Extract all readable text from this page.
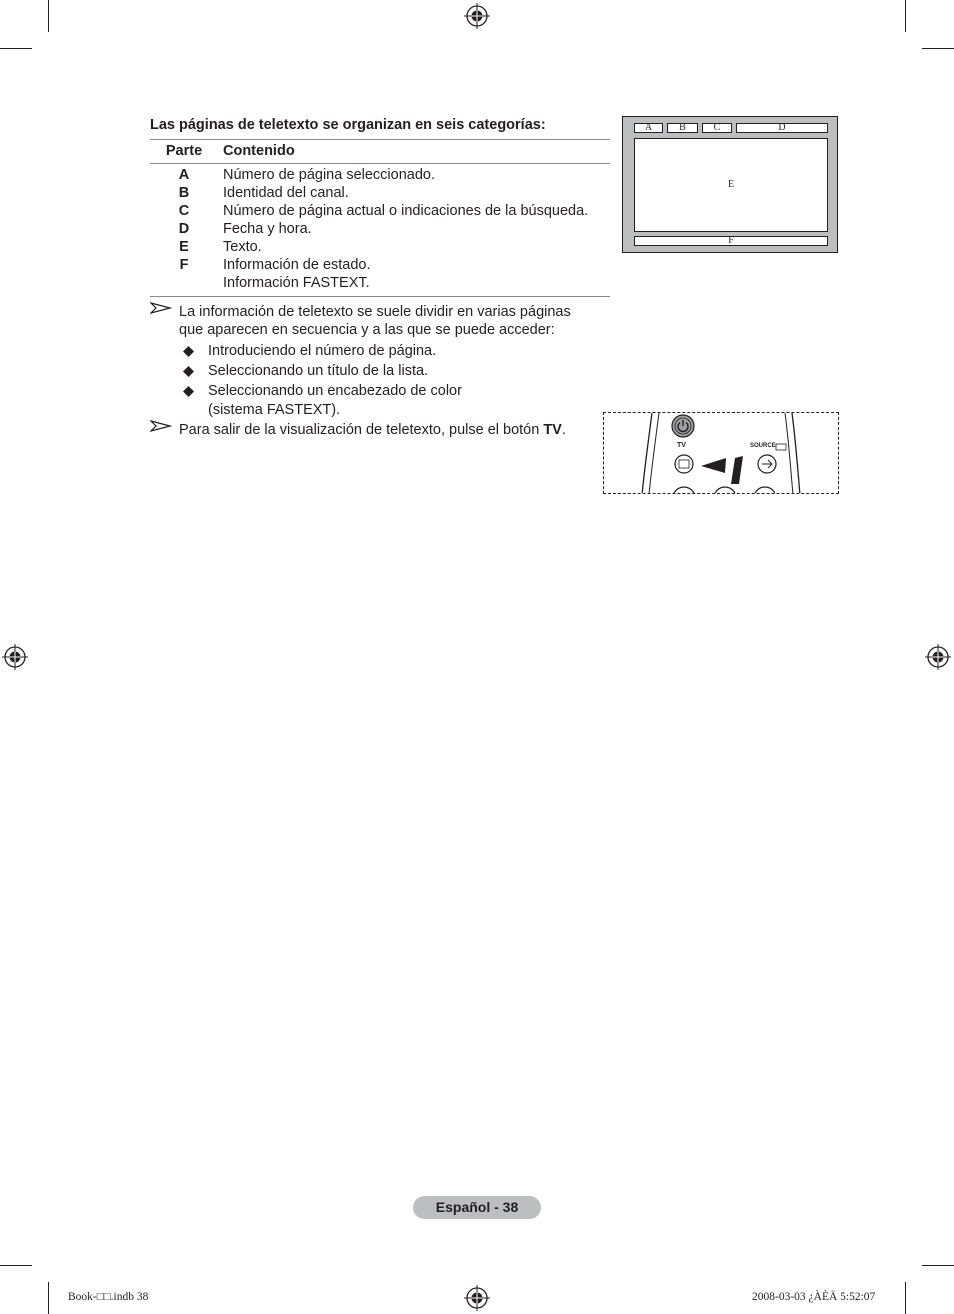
Las páginas de teletexto se organizan en seis categorías:
Parte	Contenido
A	Número de página seleccionado.
B	Identidad del canal.
C	Número de página actual o indicaciones de la búsqueda.
D	Fecha y hora.
E	Texto.
F	Información de estado.
Información FASTEXT.
La información de teletexto se suele dividir en varias páginas
que aparecen en secuencia y a las que se puede acceder:
Introduciendo el número de página.
Seleccionando un título de la lista.
Seleccionando un encabezado de color
(sistema FASTEXT).
Para salir de la visualización de teletexto, pulse el botón TV.
A	B	C	D
E
F
TV	SOURCE
Español - 38
Book-□□.indb 38	2008-03-03 ¿ÀÈÄ 5:52:07
